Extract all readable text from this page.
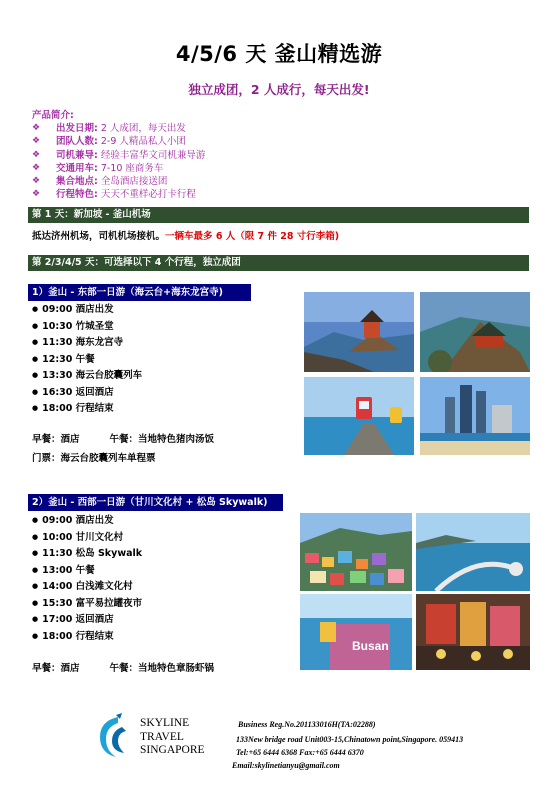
4/5/6 天 釜山精选游
独立成团，2 人成行，每天出发!
产品简介:
❖	出发日期:
2 人成团，每天出发
❖	团队人数:
2-9 人精品私人小团
❖	司机兼导:
经验丰富华文司机兼导游
❖	交通用车:
7-10 座商务车
❖	集合地点:
全岛酒店接送团
❖	行程特色:
天天不重样必打卡行程
第 1 天：新加坡 - 釜山机场
抵达济州机场，司机机场接机。一辆车最多 6 人（限 7 件 28 寸行李箱)
第 2/3/4/5 天：可选择以下 4 个行程，独立成团
1）釜山 - 东部一日游（海云台+海东龙宫寺)
● 09:00 酒店出发
● 10:30 竹城圣堂
● 11:30 海东龙宫寺
● 12:30 午餐
● 13:30 海云台胶囊列车
● 16:30 返回酒店
● 18:00 行程结束
早餐：酒店	午餐：当地特色猪肉汤饭
门票：海云台胶囊列车单程票
2）釜山 - 西部一日游（甘川文化村 + 松岛 Skywalk)
● 09:00 酒店出发
● 10:00 甘川文化村
● 11:30 松岛 Skywalk
● 13:00 午餐
● 14:00 白浅滩文化村
● 15:30 富平易拉罐夜市
● 17:00 返回酒店
● 18:00 行程结束
早餐：酒店	午餐：当地特色章肠虾锅
Busan
SKYLINE
TRAVEL
SINGAPORE
Business Reg.No.201133016H(TA:02288)
133New bridge road Unit003-15,Chinatown point,Singapore. 059413
Tel:+65 6444 6368 Fax:+65 6444 6370
Email:skylinetianyu@gmail.com
